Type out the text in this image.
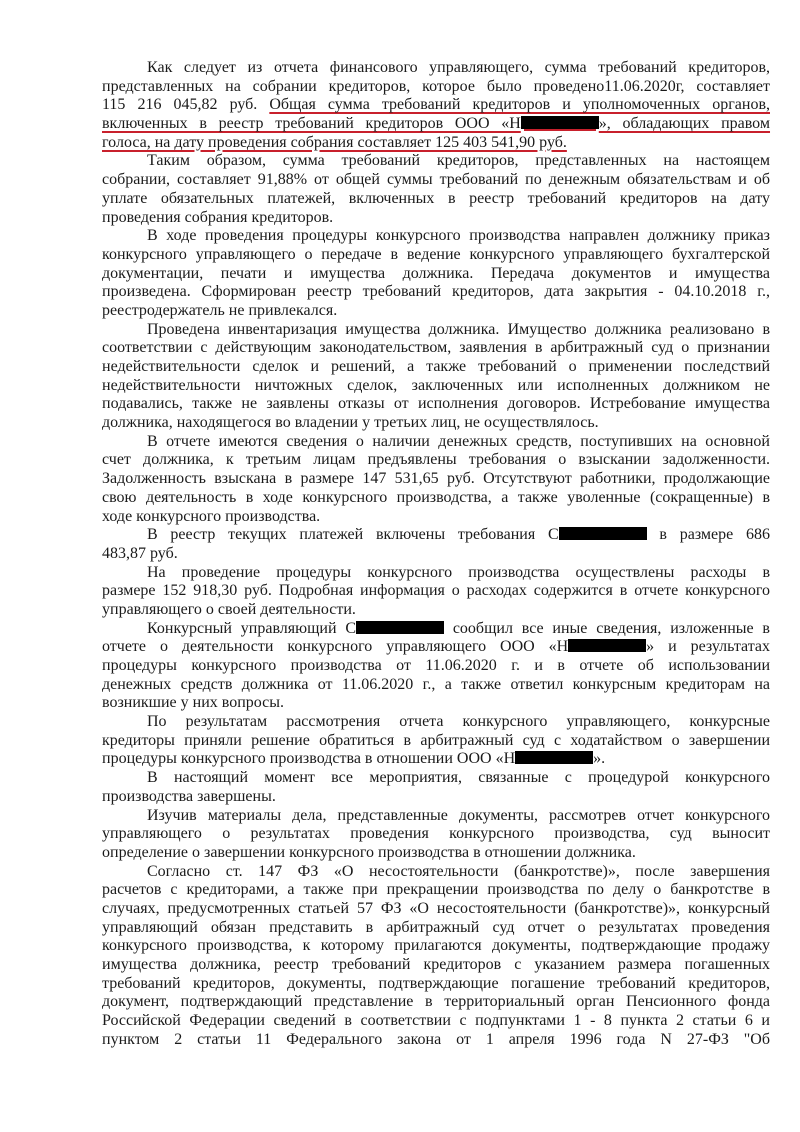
Как следует из отчета финансового управляющего, сумма требований кредиторов,
представленных на собрании кредиторов, которое было проведено11.06.2020г, составляет
115 216 045,82 руб. Общая сумма требований кредиторов и уполномоченных органов,
включенных в реестр требований кредиторов ООО «Н	», обладающих правом
голоса, на дату проведения собрания составляет 125 403 541,90 руб.
Таким образом, сумма требований кредиторов, представленных на настоящем
собрании, составляет 91,88% от общей суммы требований по денежным обязательствам и об
уплате обязательных платежей, включенных в реестр требований кредиторов на дату
проведения собрания кредиторов.
В ходе проведения процедуры конкурсного производства направлен должнику приказ
конкурсного управляющего о передаче в ведение конкурсного управляющего бухгалтерской
документации, печати и имущества должника. Передача документов и имущества
произведена. Сформирован реестр требований кредиторов, дата закрытия - 04.10.2018 г.,
реестродержатель не привлекался.
Проведена инвентаризация имущества должника. Имущество должника реализовано в
соответствии с действующим законодательством, заявления в арбитражный суд о признании
недействительности сделок и решений, а также требований о применении последствий
недействительности ничтожных сделок, заключенных или исполненных должником не
подавались, также не заявлены отказы от исполнения договоров. Истребование имущества
должника, находящегося во владении у третьих лиц, не осуществлялось.
В отчете имеются сведения о наличии денежных средств, поступивших на основной
счет должника, к третьим лицам предъявлены требования о взыскании задолженности.
Задолженность взыскана в размере 147 531,65 руб. Отсутствуют работники, продолжающие
свою деятельность в ходе конкурсного производства, а также уволенные (сокращенные) в
ходе конкурсного производства.
В реестр текущих платежей включены требования С	в размере 686
483,87 руб.
На проведение процедуры конкурсного производства осуществлены расходы в
размере 152 918,30 руб. Подробная информация о расходах содержится в отчете конкурсного
управляющего о своей деятельности.
Конкурсный управляющий С	сообщил все иные сведения, изложенные в
отчете о деятельности конкурсного управляющего ООО «Н	» и результатах
процедуры конкурсного производства от 11.06.2020 г. и в отчете об использовании
денежных средств должника от 11.06.2020 г., а также ответил конкурсным кредиторам на
возникшие у них вопросы.
По результатам рассмотрения отчета конкурсного управляющего, конкурсные
кредиторы приняли решение обратиться в арбитражный суд с ходатайством о завершении
процедуры конкурсного производства в отношении ООО «Н	».
В настоящий момент все мероприятия, связанные с процедурой конкурсного
производства завершены.
Изучив материалы дела, представленные документы, рассмотрев отчет конкурсного
управляющего о результатах проведения конкурсного производства, суд выносит
определение о завершении конкурсного производства в отношении должника.
Согласно ст. 147 ФЗ «О несостоятельности (банкротстве)», после завершения
расчетов с кредиторами, а также при прекращении производства по делу о банкротстве в
случаях, предусмотренных статьей 57 ФЗ «О несостоятельности (банкротстве)», конкурсный
управляющий обязан представить в арбитражный суд отчет о результатах проведения
конкурсного производства, к которому прилагаются документы, подтверждающие продажу
имущества должника, реестр требований кредиторов с указанием размера погашенных
требований кредиторов, документы, подтверждающие погашение требований кредиторов,
документ, подтверждающий представление в территориальный орган Пенсионного фонда
Российской Федерации сведений в соответствии с подпунктами 1 - 8 пункта 2 статьи 6 и
пунктом 2 статьи 11 Федерального закона от 1 апреля 1996 года N 27-ФЗ "Об
